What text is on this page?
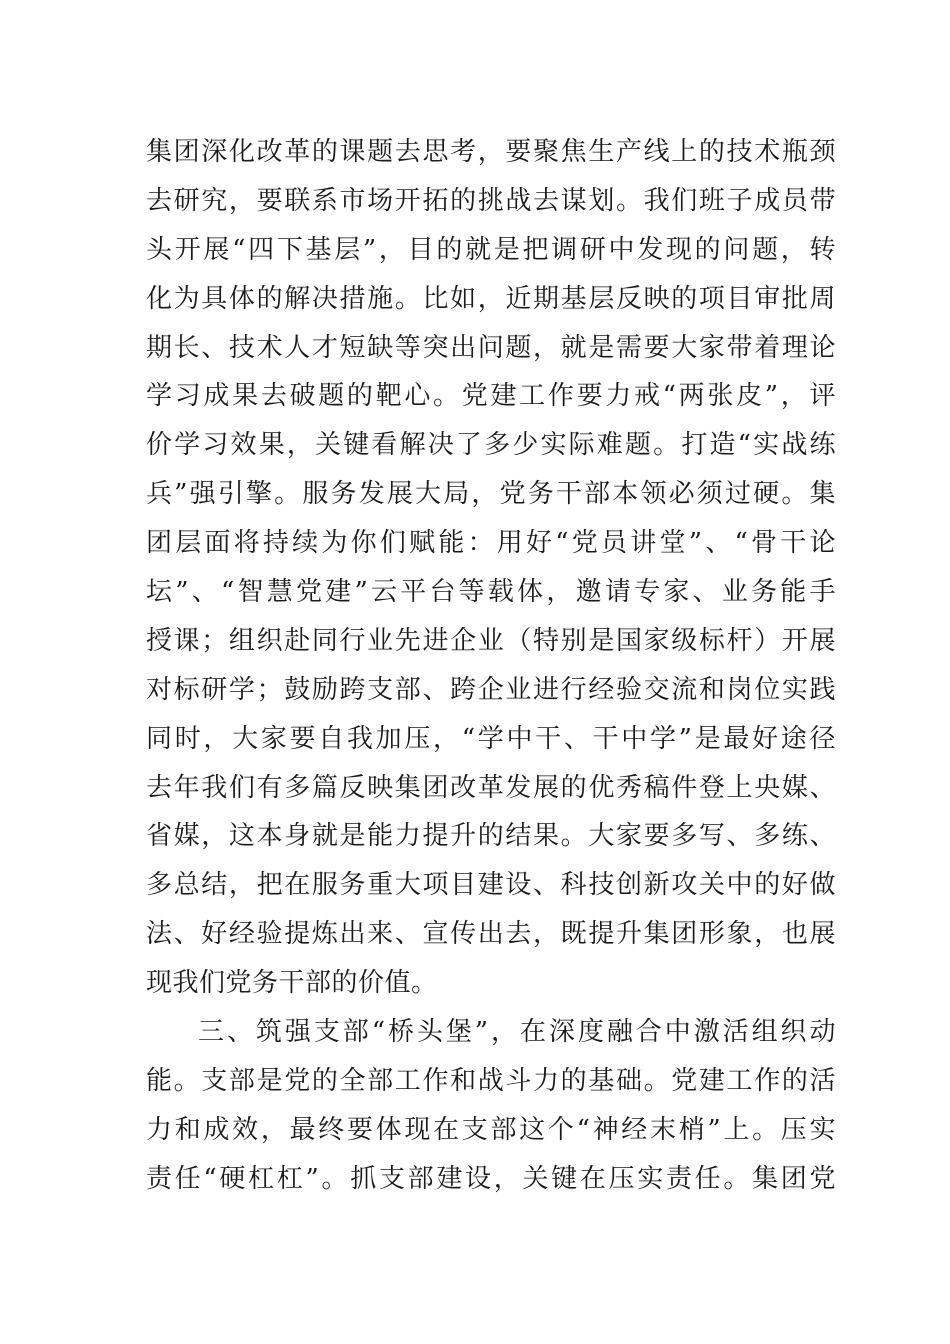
集团深化改革的课题去思考，要聚焦生产线上的技术瓶颈
去研究，要联系市场开拓的挑战去谋划。我们班子成员带
头开展“四下基层”，目的就是把调研中发现的问题，转
化为具体的解决措施。比如，近期基层反映的项目审批周
期长、技术人才短缺等突出问题，就是需要大家带着理论
学习成果去破题的靶心。党建工作要力戒“两张皮”，评
价学习效果，关键看解决了多少实际难题。打造“实战练
兵”强引擎。服务发展大局，党务干部本领必须过硬。集
团层面将持续为你们赋能：用好“党员讲堂”、“骨干论
坛”、“智慧党建”云平台等载体，邀请专家、业务能手
授课；组织赴同行业先进企业（特别是国家级标杆）开展
对标研学；鼓励跨支部、跨企业进行经验交流和岗位实践
同时，大家要自我加压，“学中干、干中学”是最好途径
去年我们有多篇反映集团改革发展的优秀稿件登上央媒、
省媒，这本身就是能力提升的结果。大家要多写、多练、
多总结，把在服务重大项目建设、科技创新攻关中的好做
法、好经验提炼出来、宣传出去，既提升集团形象，也展
现我们党务干部的价值。
三、筑强支部“桥头堡”，在深度融合中激活组织动
能。支部是党的全部工作和战斗力的基础。党建工作的活
力和成效，最终要体现在支部这个“神经末梢”上。压实
责任“硬杠杠”。抓支部建设，关键在压实责任。集团党
